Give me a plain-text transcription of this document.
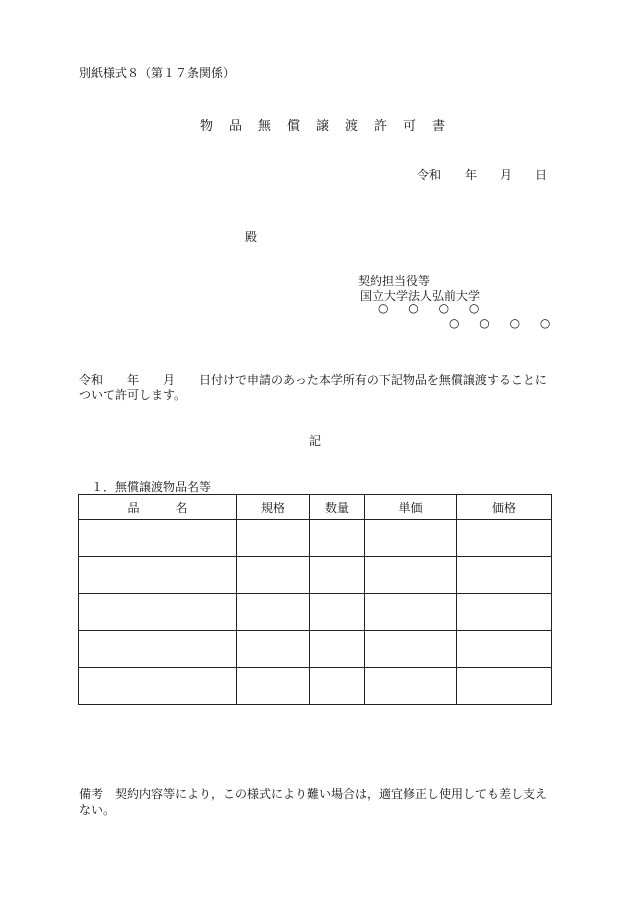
別紙様式８（第１７条関係）
物 品 無 償 譲 渡 許 可 書
令和 年 月 日
殿
契約担当役等
国立大学法人弘前大学
○ ○ ○ ○
○ ○ ○ ○
令和　　年　　月　　日付けで申請のあった本学所有の下記物品を無償譲渡することについて許可します。
記
１．無償譲渡物品名等
品　　　名	規格	数量	単価	価格

備考　契約内容等により，この様式により難い場合は，適宜修正し使用しても差し支えない。
